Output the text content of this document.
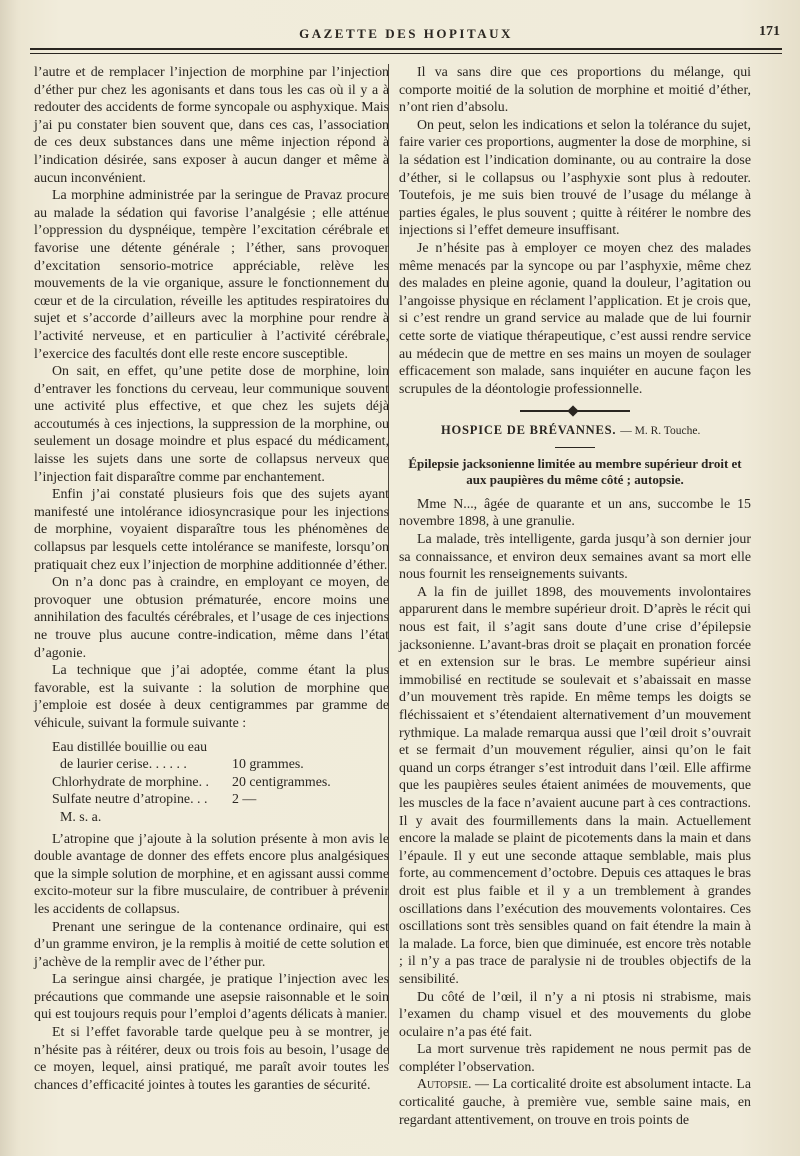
GAZETTE DES HOPITAUX	171

l’autre et de remplacer l’injection de morphine par l’injection d’éther pur chez les agonisants et dans tous les cas où il y a à redouter des accidents de forme syncopale ou asphyxique. Mais j’ai pu constater bien souvent que, dans ces cas, l’association de ces deux substances dans une même injection répond à l’indication désirée, sans exposer à aucun danger et même à aucun inconvénient.

La morphine administrée par la seringue de Pravaz procure au malade la sédation qui favorise l’analgésie ; elle atténue l’oppression du dyspnéique, tempère l’excitation cérébrale et favorise une détente générale ; l’éther, sans provoquer d’excitation sensorio-motrice appréciable, relève les mouvements de la vie organique, assure le fonctionnement du cœur et de la circulation, réveille les aptitudes respiratoires du sujet et s’accorde d’ailleurs avec la morphine pour rendre à l’activité nerveuse, et en particulier à l’activité cérébrale, l’exercice des facultés dont elle reste encore susceptible.

On sait, en effet, qu’une petite dose de morphine, loin d’entraver les fonctions du cerveau, leur communique souvent une activité plus effective, et que chez les sujets déjà accoutumés à ces injections, la suppression de la morphine, ou seulement un dosage moindre et plus espacé du médicament, laisse les sujets dans une sorte de collapsus nerveux que l’injection fait disparaître comme par enchantement.

Enfin j’ai constaté plusieurs fois que des sujets ayant manifesté une intolérance idiosyncrasique pour les injections de morphine, voyaient disparaître tous les phénomènes de collapsus par lesquels cette intolérance se manifeste, lorsqu’on pratiquait chez eux l’injection de morphine additionnée d’éther.

On n’a donc pas à craindre, en employant ce moyen, de provoquer une obtusion prématurée, encore moins une annihilation des facultés cérébrales, et l’usage de ces injections ne trouve plus aucune contre-indication, même dans l’état d’agonie.

La technique que j’ai adoptée, comme étant la plus favorable, est la suivante : la solution de morphine que j’emploie est dosée à deux centigrammes par gramme de véhicule, suivant la formule suivante :

Eau distillée bouillie ou eau
de laurier cerise. . . . . .	10 grammes.
Chlorhydrate de morphine. .	20 centigrammes.
Sulfate neutre d’atropine. . .	2 —
M. s. a.

L’atropine que j’ajoute à la solution présente à mon avis le double avantage de donner des effets encore plus analgésiques que la simple solution de morphine, et en agissant aussi comme excito-moteur sur la fibre musculaire, de contribuer à prévenir les accidents de collapsus.

Prenant une seringue de la contenance ordinaire, qui est d’un gramme environ, je la remplis à moitié de cette solution et j’achève de la remplir avec de l’éther pur.

La seringue ainsi chargée, je pratique l’injection avec les précautions que commande une asepsie raisonnable et le soin qui est toujours requis pour l’emploi d’agents délicats à manier.

Et si l’effet favorable tarde quelque peu à se montrer, je n’hésite pas à réitérer, deux ou trois fois au besoin, l’usage de ce moyen, lequel, ainsi pratiqué, me paraît avoir toutes les chances d’efficacité jointes à toutes les garanties de sécurité.

Il va sans dire que ces proportions du mélange, qui comporte moitié de la solution de morphine et moitié d’éther, n’ont rien d’absolu.

On peut, selon les indications et selon la tolérance du sujet, faire varier ces proportions, augmenter la dose de morphine, si la sédation est l’indication dominante, ou au contraire la dose d’éther, si le collapsus ou l’asphyxie sont plus à redouter. Toutefois, je me suis bien trouvé de l’usage du mélange à parties égales, le plus souvent ; quitte à réitérer le nombre des injections si l’effet demeure insuffisant.

Je n’hésite pas à employer ce moyen chez des malades même menacés par la syncope ou par l’asphyxie, même chez des malades en pleine agonie, quand la douleur, l’agitation ou l’angoisse physique en réclament l’application. Et je crois que, si c’est rendre un grand service au malade que de lui fournir cette sorte de viatique thérapeutique, c’est aussi rendre service au médecin que de mettre en ses mains un moyen de soulager efficacement son malade, sans inquiéter en aucune façon les scrupules de la déontologie professionnelle.

HOSPICE DE BRÉVANNES. — M. R. Touche.
Épilepsie jacksonienne limitée au membre supérieur droit et aux paupières du même côté ; autopsie.

Mme N..., âgée de quarante et un ans, succombe le 15 novembre 1898, à une granulie.

La malade, très intelligente, garda jusqu’à son dernier jour sa connaissance, et environ deux semaines avant sa mort elle nous fournit les renseignements suivants.

A la fin de juillet 1898, des mouvements involontaires apparurent dans le membre supérieur droit. D’après le récit qui nous est fait, il s’agit sans doute d’une crise d’épilepsie jacksonienne. L’avant-bras droit se plaçait en pronation forcée et en extension sur le bras. Le membre supérieur ainsi immobilisé en rectitude se soulevait et s’abaissait en masse d’un mouvement très rapide. En même temps les doigts se fléchissaient et s’étendaient alternativement d’un mouvement rythmique. La malade remarqua aussi que l’œil droit s’ouvrait et se fermait d’un mouvement régulier, ainsi qu’on le fait quand un corps étranger s’est introduit dans l’œil. Elle affirme que les paupières seules étaient animées de mouvements, que les muscles de la face n’avaient aucune part à ces contractions. Il y avait des fourmillements dans la main. Actuellement encore la malade se plaint de picotements dans la main et dans l’épaule. Il y eut une seconde attaque semblable, mais plus forte, au commencement d’octobre. Depuis ces attaques le bras droit est plus faible et il y a un tremblement à grandes oscillations dans l’exécution des mouvements volontaires. Ces oscillations sont très sensibles quand on fait étendre la main à la malade. La force, bien que diminuée, est encore très notable ; il n’y a pas trace de paralysie ni de troubles objectifs de la sensibilité.

Du côté de l’œil, il n’y a ni ptosis ni strabisme, mais l’examen du champ visuel et des mouvements du globe oculaire n’a pas été fait.

La mort survenue très rapidement ne nous permit pas de compléter l’observation.

Autopsie. — La corticalité droite est absolument intacte. La corticalité gauche, à première vue, semble saine mais, en regardant attentivement, on trouve en trois points de
